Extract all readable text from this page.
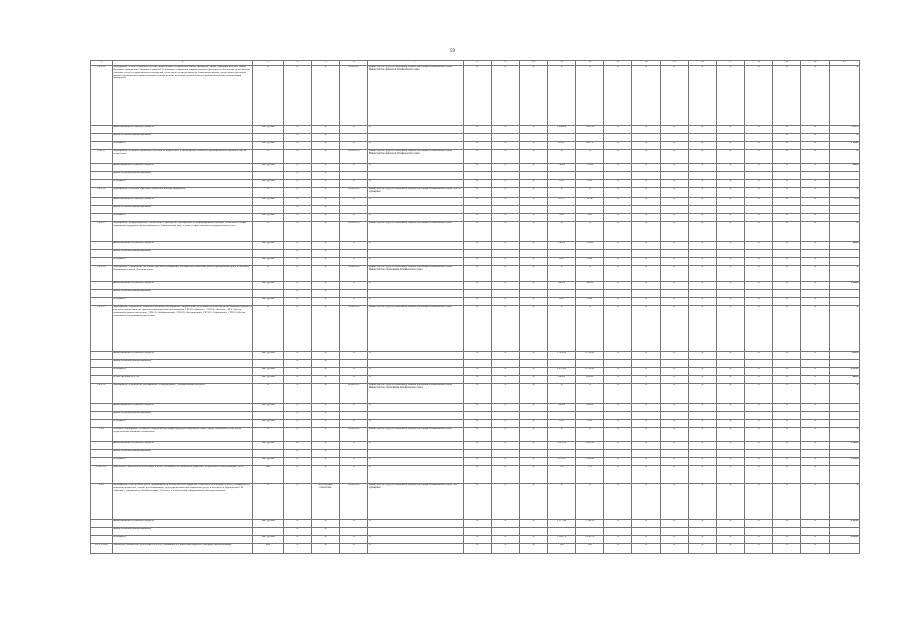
59
1	2	3	4	5	6	7	8	9	10	11	12	13	14	15	16	17	18	19	20	23
1.4.1.10	Мероприятие «Расчет и выплата пособий, компенсаций и социальных выплат гражданам, лицам, имеющим почетное звание Почетного гражданина Губернии» в рамках ГП «Развитие социальной защиты граждан» (расходы на обеспечение деятельности (оказание услуг) государственных учреждений, в том числе на предоставление социальных выплат, ежемесячных денежных выплат отдельным категориям граждан) и распределение денежных средств в связи с выплатой пособий и компенсаций гражданам)	X	X	X	2014-2017	Министерство труда и социальной защиты населения Забайкальского края, Министерство финансов Забайкальского края	X	X	X	X	X	X	X	X	X	X	X	X	X	X
	финансирование из краевого бюджета	тыс. рублей	X	X	X	X	X	X	X	1 448,00	3 097,30	X	X	X	X	X	X	X	X	7 517,9
	прочие источники финансирования		X	X														X	X	X
	из бюджета	тыс. рублей	X	X	X	X	X	X	X	872,97	245,70	X	X	X	X	X	X	X	X	1 118,6
1.4.1.11	Мероприятие «Выплата социального пособия на погребение» и «возмещение стоимости гарантированного перечня услуг по погребению»	X	X	X	2014-2015	Министерство труда и социальной защиты населения Забайкальского края, Министерство финансов Забайкальского края	X	X	X	X	X	X	X	X	X	X	X	X	X	X
	финансирование из краевого бюджета	тыс. рублей	X	X	X	X	X	X	X	750,00	750,00	X	X	X	X	X	X	X	X	400,0
	прочие источники финансирования		X	X																
	из бюджета	тыс. рублей	X	X	X	X	X	X	X	0,00	0,00	X	X	X	X	X	X	X	X	
1.4.1.12	Мероприятие «Оказание адресной социальной помощи гражданам»	X	X	X	2014-2015	Министерство труда и социальной защиты населения Забайкальского края, ГБУСО «Доверие»	X	X	X	X	X	X	X	X	X	X	X	X	X	X
	финансирование из краевого бюджета	тыс. рублей	X	X	X	X	X	X	X	83,70	22,30	X	X	X	X	X	X	X	X	71,6
	прочие источники финансирования		X	X																
	из бюджета	тыс. рублей	X	X	X	X	X	X	X	0,00	0,00	X	X	X	X	X	X	X	X	
1.4.1.13	Мероприятие «Информационное обеспечение и проведение мероприятий по информированию граждан, в том числе о мерах социальной поддержки, предоставляемых в Забайкальском крае, а также в сфере оказания государственных услуг»	X	X	X	2014-2015	Министерство труда и социальной защиты населения Забайкальского края	X	X	X	X	X	X	X	X	X	X	X	X	X	X
	финансирование из краевого бюджета	тыс. рублей	X	X	X	X	X	X	X	150,00	150,00	X	X	X	X	X	X	X	X	300,0
	прочие источники финансирования		X	X																
	из бюджета	тыс. рублей	X	X	X	X	X	X	X	0,00	0,00	X	X	X	X	X	X	X	X	
1.4.1.14	Мероприятие «Проведение ежегодных краевых мероприятий, посвященных памятным датам и праздничным дням, в том числе Дня пожилых людей, Дня инвалидов»	X	X	X	2014-2015	Министерство труда и социальной защиты населения Забайкальского края, Министерство образования Забайкальского края	X	X	X	X	X	X	X	X	X	X	X	X	X	X
	финансирование из краевого бюджета	тыс. рублей	X	X	X	X	X	X	X	500,00	500,00	X	X	X	X	X	X	X	X	1 000,0
	прочие источники финансирования		X	X																
	из бюджета	тыс. рублей	X	X	X	X	X	X	X	0,00	0,00	X	X	X	X	X	X	X	X	
1.4.1.15	Мероприятие «Проведение социально-значимых мероприятий, направленных на повышение качества жизни пожилых граждан, в том числе предоставление грантов некоммерческим организациям, ГБУСО «Доверие», ГБУСО «Ветеран», КГУ «Центр социальной защиты населения», ГБУСО «Забайкальский», ГБУСО «Ингодинский», ГБУСО «Черновский», ГБУСО «Центр социального обслуживания населения»	X	X	X	2014-2015	Министерство труда и социальной защиты населения Забайкальского края	X	X	X	X	X	X	X	X	X	X	X	X	X	X
	финансирование из краевого бюджета	тыс. рублей	X	X	X	X	X	X	X	1 312,00	2 312,00	X	X	X	X	X	X	X	X	7 022,0
	прочие источники финансирования		X	X																
	из бюджета	тыс. рублей	X	X	X	X	X	X	X	2 470,00	2 700,00	X	X	X	X	X	X	X	X	5 033,0
	из них средства ФСС по	тыс. рублей	X	X	X	X	X	X	X	290,00	260,00	X	X	X	X	X	X	X	X	600,0
1.4.1.16	Мероприятие «Проведение мероприятий «Соцподдержка», «Забайкальский молодой»	X	X	X	2014-2015	Министерство труда и социальной защиты населения Забайкальского края, Министерство образования Забайкальского края	X	X	X	X	X	X	X	X	X	X	X	X	X	X
	финансирование из краевого бюджета	тыс. рублей	X	X	X	X	X	X	X	120,00	120,00	X	X	X	X	X	X	X	X	
	прочие источники финансирования		X	X																
	из бюджета	тыс. рублей	X	X	X	X	X	X	X	0,00	0,00	X	X	X	X	X	X	X	X	
1.4.2	Основное мероприятие «Развитие и модернизация инфраструктуры социальных служб, сферы социальных услуг детям, осуществление активного обновления»	X	X	X	2014-2015	Министерство труда и социальной защиты населения Забайкальского края	X	X	X	X	X	X	X	X	X	X	X	X	X	X
	финансирование из краевого бюджета	тыс. рублей	0,3	X	X	X	X	X	X	1 225,10	2 685,00	X	X	X	X	X	X	X	X	3 900,1
	прочие источники финансирования		X	X																
	из бюджета	тыс. рублей	X	X	X	X	X	X	X	1 079,17	1 099,04	X	X	X	X	X	X	X	X	3 232,5
1.4.2.10.1	Показатель «Численность детей-сирот и детей, оставшихся без попечения родителей, устроенных в семьи граждан» (чел.)	чел.	X	X	X	X	X	X	X	176	179	X	X	X	X	X	X	X	X	
1.4.3	Мероприятие «Обеспечение детей, нуждающихся в особой заботе государства, в том числе детей-сирот и детей, оставшихся без попечения родителей, а также детей-инвалидов, путем предоставления социальных услуг, в том числе в учреждениях ГБУ «Доверие», учреждениях «Забайкальский», «Росток», в соответствии с федеральным законодательством»	X	X	Абсолютный показатель	2014-2015	Министерство труда и социальной защиты населения Забайкальского края, ГКУ «Доверие»	X	X	X	X	X	X	X	X	X	X	X	X	X	X
	финансирование из краевого бюджета	тыс. рублей	X	X	X	X	X	X	X	1 077,40	1 356,50	X	X	X	X	X	X	X	X	2 433,9
	прочие источники финансирования		X	X																
	из бюджета	тыс. рублей	X	X	X	X	X	X	X	1 106,70	1 230,74	X	X	X	X	X	X	X	X	2 845,9
1.4.3.1 (Ind)	Показатель «Количество детей-сирот и детей, оставшихся без попечения родителей, которым оказана помощь»	чел.	X	X	X	X	X	X	X	100	100	X	X	X	X	X	X	X	X	
